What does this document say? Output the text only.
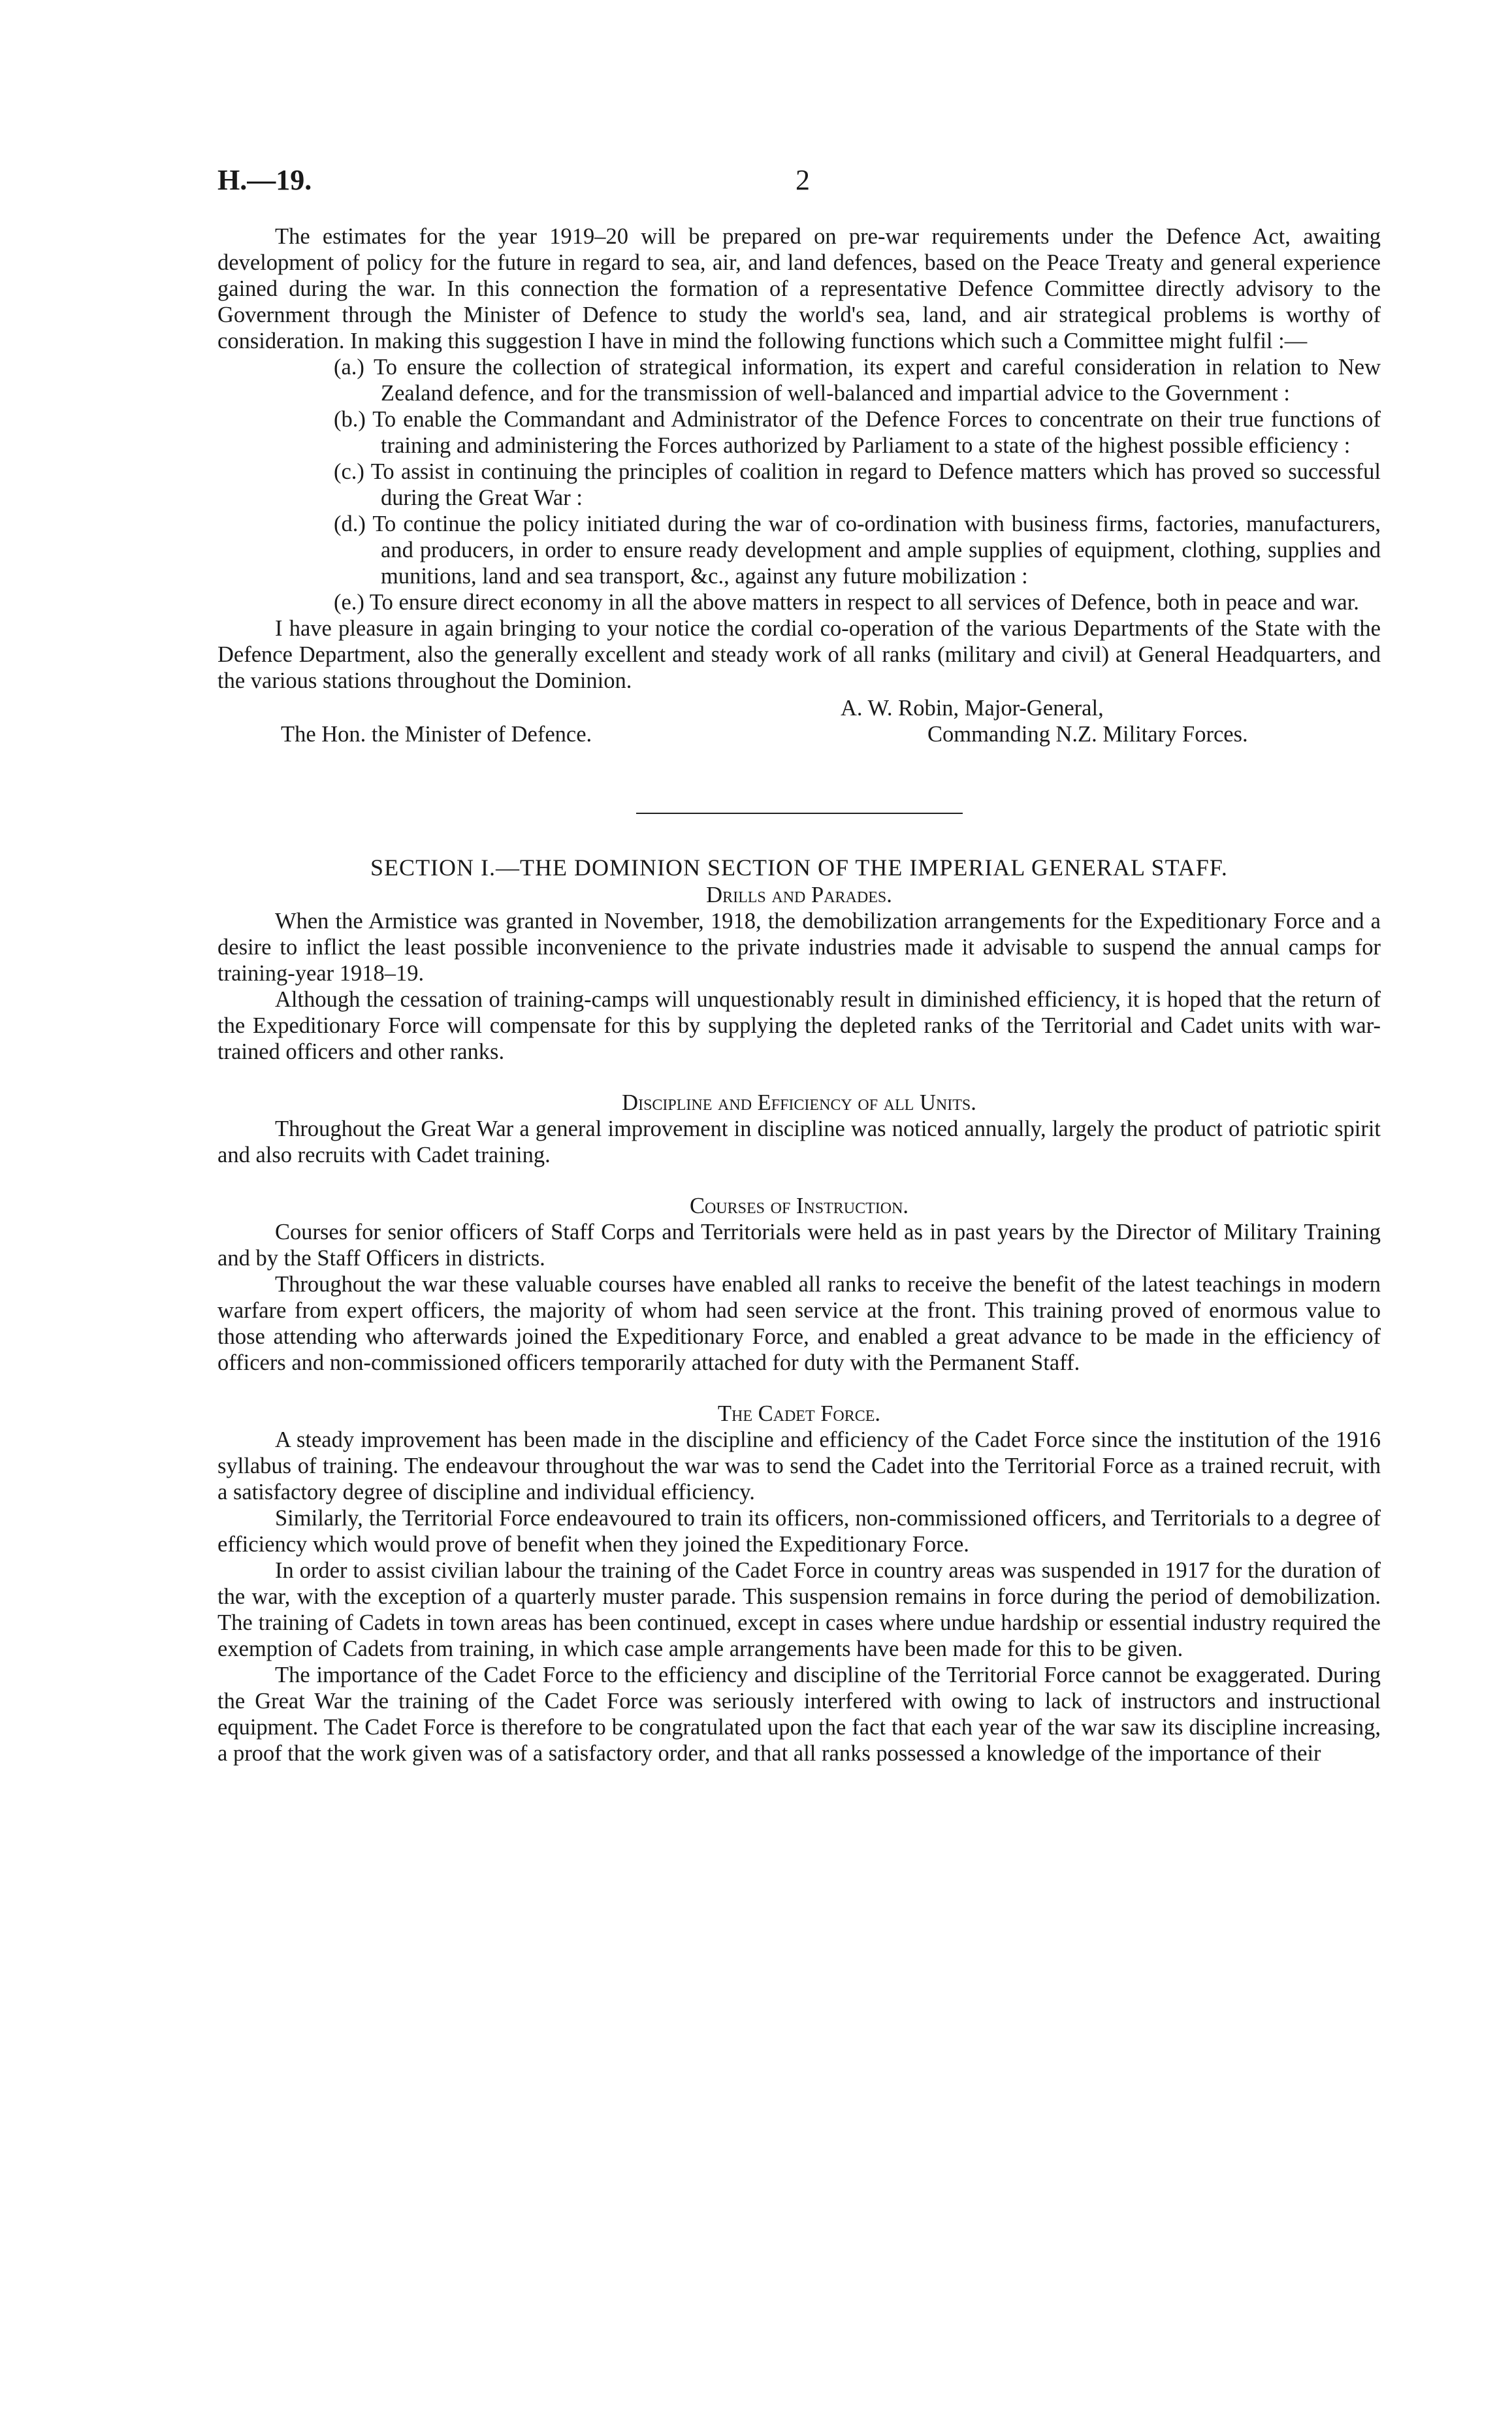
H.—19.	2

The estimates for the year 1919–20 will be prepared on pre-war requirements under the Defence Act, awaiting development of policy for the future in regard to sea, air, and land defences, based on the Peace Treaty and general experience gained during the war. In this connection the formation of a representative Defence Committee directly advisory to the Government through the Minister of Defence to study the world's sea, land, and air strategical problems is worthy of consideration. In making this suggestion I have in mind the following functions which such a Committee might fulfil :—

(a.) To ensure the collection of strategical information, its expert and careful consideration in relation to New Zealand defence, and for the transmission of well-balanced and impartial advice to the Government :
(b.) To enable the Commandant and Administrator of the Defence Forces to concentrate on their true functions of training and administering the Forces authorized by Parliament to a state of the highest possible efficiency :
(c.) To assist in continuing the principles of coalition in regard to Defence matters which has proved so successful during the Great War :
(d.) To continue the policy initiated during the war of co-ordination with business firms, factories, manufacturers, and producers, in order to ensure ready development and ample supplies of equipment, clothing, supplies and munitions, land and sea transport, &c., against any future mobilization :
(e.) To ensure direct economy in all the above matters in respect to all services of Defence, both in peace and war.

I have pleasure in again bringing to your notice the cordial co-operation of the various Departments of the State with the Defence Department, also the generally excellent and steady work of all ranks (military and civil) at General Headquarters, and the various stations throughout the Dominion.

A. W. Robin, Major-General,
Commanding N.Z. Military Forces.
The Hon. the Minister of Defence.
SECTION I.—THE DOMINION SECTION OF THE IMPERIAL GENERAL STAFF.
Drills and Parades.

When the Armistice was granted in November, 1918, the demobilization arrangements for the Expeditionary Force and a desire to inflict the least possible inconvenience to the private industries made it advisable to suspend the annual camps for training-year 1918–19.

Although the cessation of training-camps will unquestionably result in diminished efficiency, it is hoped that the return of the Expeditionary Force will compensate for this by supplying the depleted ranks of the Territorial and Cadet units with war-trained officers and other ranks.

Discipline and Efficiency of all Units.

Throughout the Great War a general improvement in discipline was noticed annually, largely the product of patriotic spirit and also recruits with Cadet training.

Courses of Instruction.

Courses for senior officers of Staff Corps and Territorials were held as in past years by the Director of Military Training and by the Staff Officers in districts.

Throughout the war these valuable courses have enabled all ranks to receive the benefit of the latest teachings in modern warfare from expert officers, the majority of whom had seen service at the front. This training proved of enormous value to those attending who afterwards joined the Expeditionary Force, and enabled a great advance to be made in the efficiency of officers and non-commissioned officers temporarily attached for duty with the Permanent Staff.

The Cadet Force.

A steady improvement has been made in the discipline and efficiency of the Cadet Force since the institution of the 1916 syllabus of training. The endeavour throughout the war was to send the Cadet into the Territorial Force as a trained recruit, with a satisfactory degree of discipline and individual efficiency.

Similarly, the Territorial Force endeavoured to train its officers, non-commissioned officers, and Territorials to a degree of efficiency which would prove of benefit when they joined the Expeditionary Force.

In order to assist civilian labour the training of the Cadet Force in country areas was suspended in 1917 for the duration of the war, with the exception of a quarterly muster parade. This suspension remains in force during the period of demobilization. The training of Cadets in town areas has been continued, except in cases where undue hardship or essential industry required the exemption of Cadets from training, in which case ample arrangements have been made for this to be given.

The importance of the Cadet Force to the efficiency and discipline of the Territorial Force cannot be exaggerated. During the Great War the training of the Cadet Force was seriously interfered with owing to lack of instructors and instructional equipment. The Cadet Force is therefore to be congratulated upon the fact that each year of the war saw its discipline increasing, a proof that the work given was of a satisfactory order, and that all ranks possessed a knowledge of the importance of their
